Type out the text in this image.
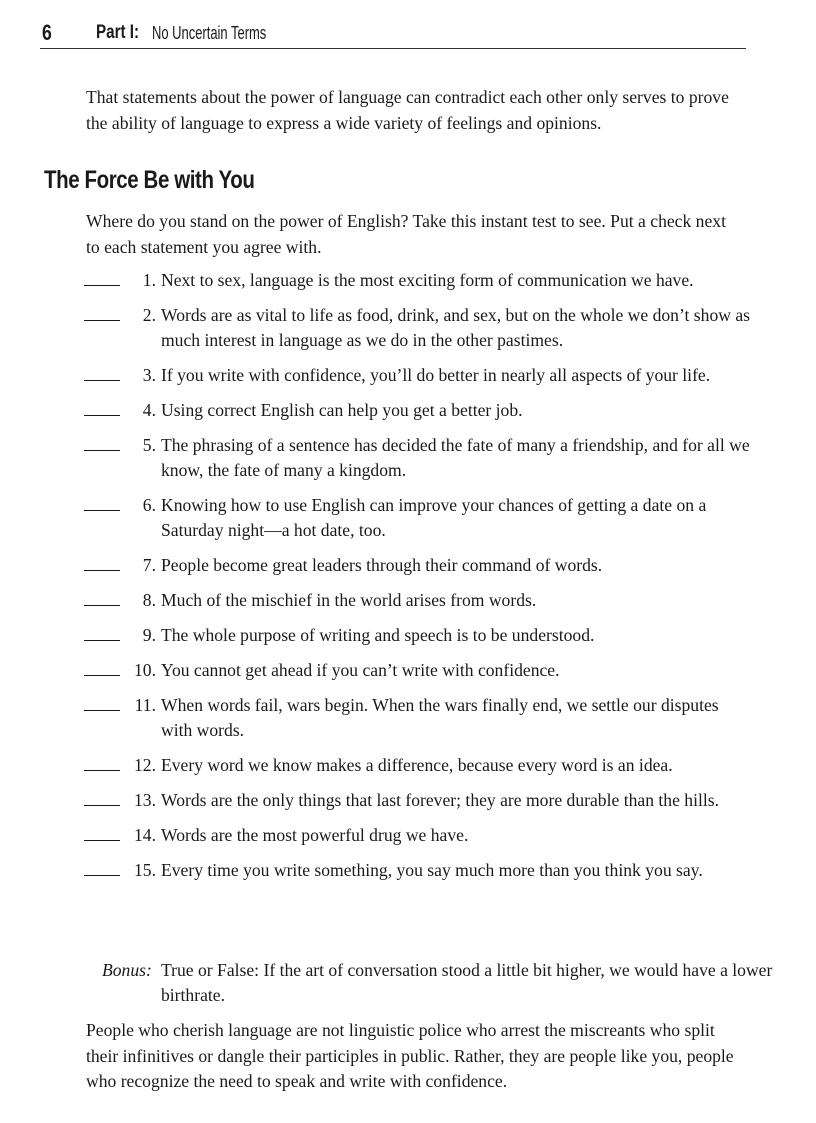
6 Part I: No Uncertain Terms

That statements about the power of language can contradict each other only serves to prove the ability of language to express a wide variety of feelings and opinions.

The Force Be with You

Where do you stand on the power of English? Take this instant test to see. Put a check next to each statement you agree with.

1. Next to sex, language is the most exciting form of communication we have.
2. Words are as vital to life as food, drink, and sex, but on the whole we don’t show as much interest in language as we do in the other pastimes.
3. If you write with confidence, you’ll do better in nearly all aspects of your life.
4. Using correct English can help you get a better job.
5. The phrasing of a sentence has decided the fate of many a friendship, and for all we know, the fate of many a kingdom.
6. Knowing how to use English can improve your chances of getting a date on a Saturday night—a hot date, too.
7. People become great leaders through their command of words.
8. Much of the mischief in the world arises from words.
9. The whole purpose of writing and speech is to be understood.
10. You cannot get ahead if you can’t write with confidence.
11. When words fail, wars begin. When the wars finally end, we settle our disputes with words.
12. Every word we know makes a difference, because every word is an idea.
13. Words are the only things that last forever; they are more durable than the hills.
14. Words are the most powerful drug we have.
15. Every time you write something, you say much more than you think you say.

Bonus: True or False: If the art of conversation stood a little bit higher, we would have a lower birthrate.

People who cherish language are not linguistic police who arrest the miscreants who split their infinitives or dangle their participles in public. Rather, they are people like you, people who recognize the need to speak and write with confidence.
